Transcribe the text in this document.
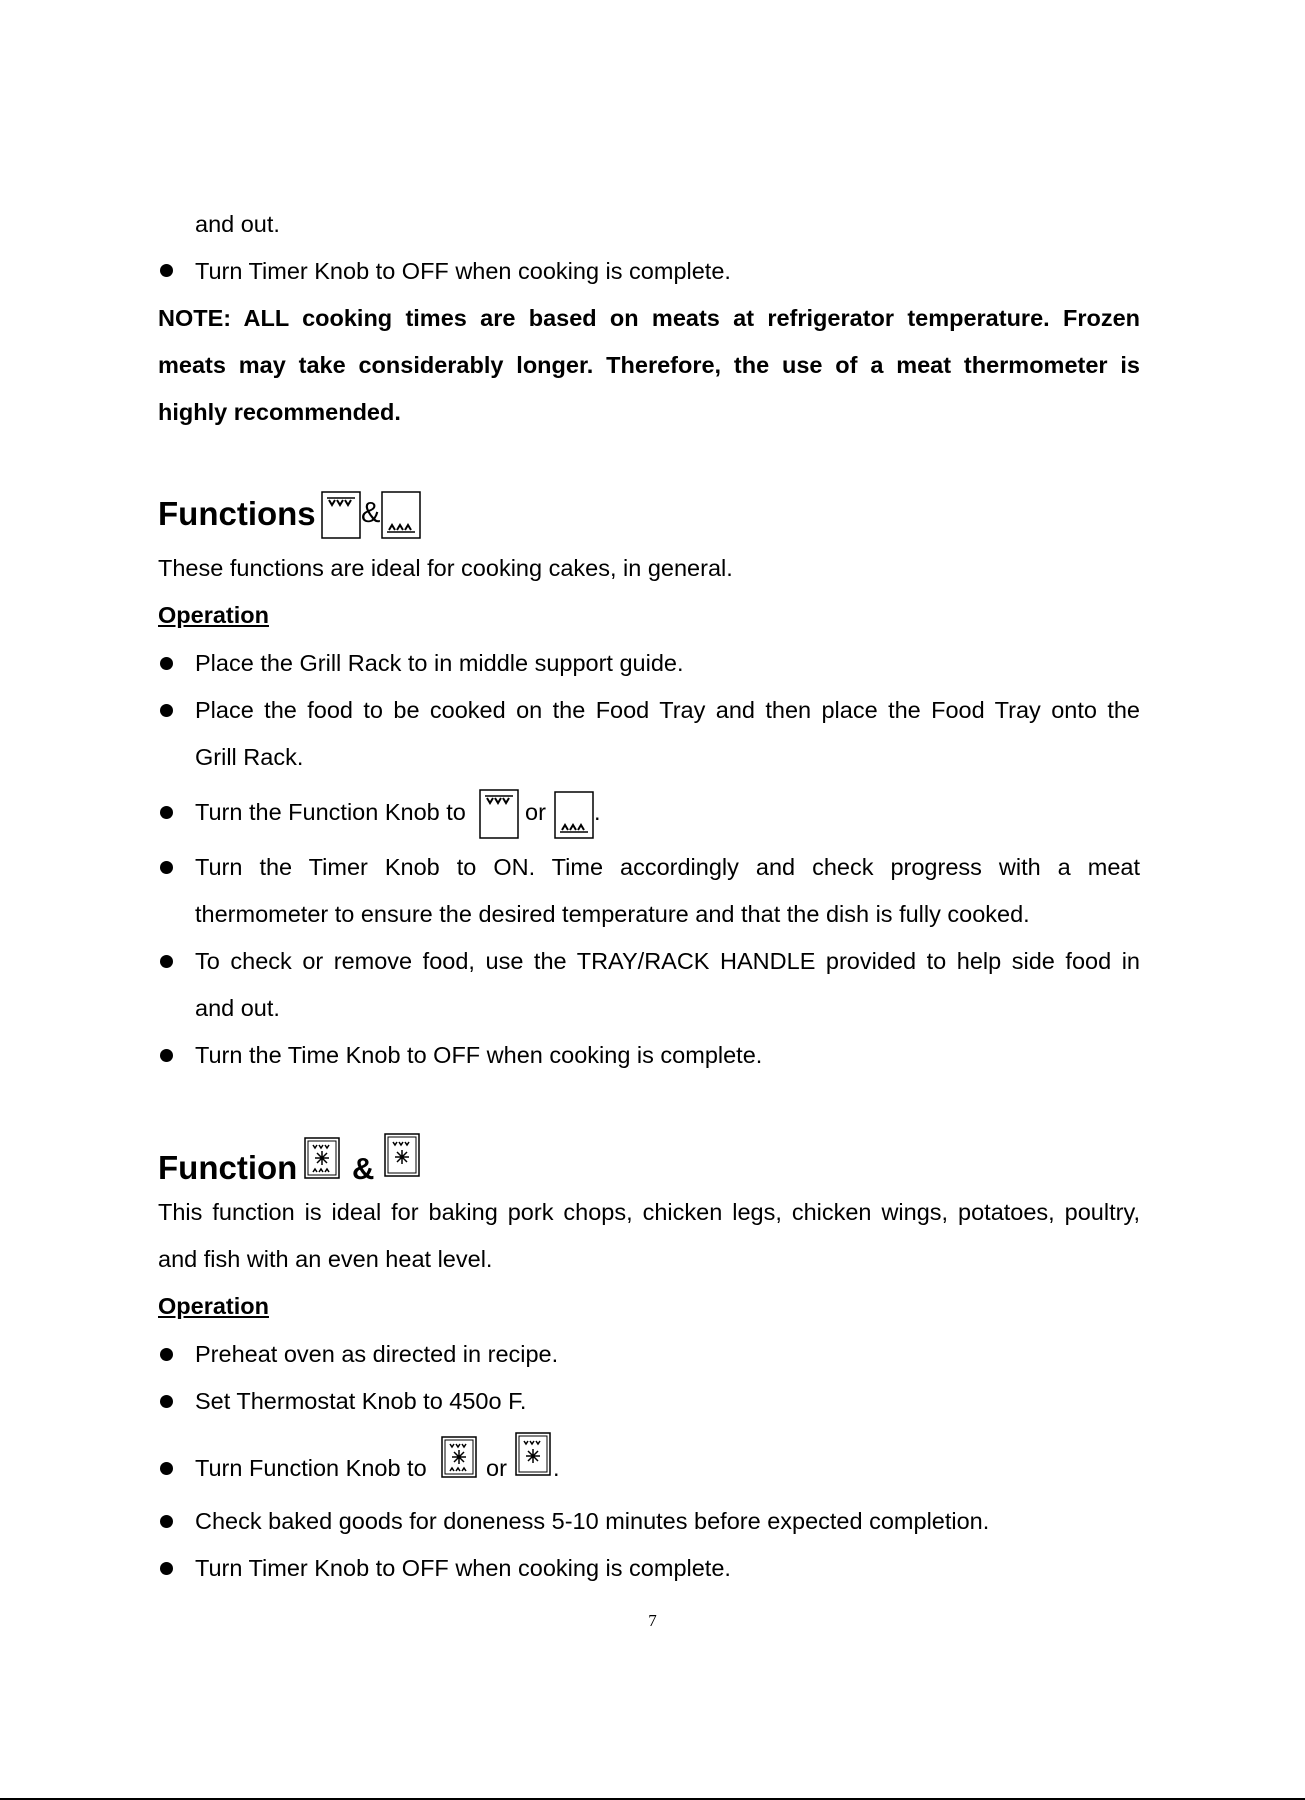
and out.
Turn Timer Knob to OFF when cooking is complete.
NOTE: ALL cooking times are based on meats at refrigerator temperature. Frozen
meats may take considerably longer. Therefore, the use of a meat thermometer is
highly recommended.
Functions &
These functions are ideal for cooking cakes, in general.
Operation
Place the Grill Rack to in middle support guide.
Place the food to be cooked on the Food Tray and then place the Food Tray onto the
Grill Rack.
Turn the Function Knob to	or .
Turn the Timer Knob to ON. Time accordingly and check progress with a meat
thermometer to ensure the desired temperature and that the dish is fully cooked.
To check or remove food, use the TRAY/RACK HANDLE provided to help side food in
and out.
Turn the Time Knob to OFF when cooking is complete.
Function &
This function is ideal for baking pork chops, chicken legs, chicken wings, potatoes, poultry,
and fish with an even heat level.
Operation
Preheat oven as directed in recipe.
Set Thermostat Knob to 450o F.
Turn Function Knob to	or .
Check baked goods for doneness 5-10 minutes before expected completion.
Turn Timer Knob to OFF when cooking is complete.
7
